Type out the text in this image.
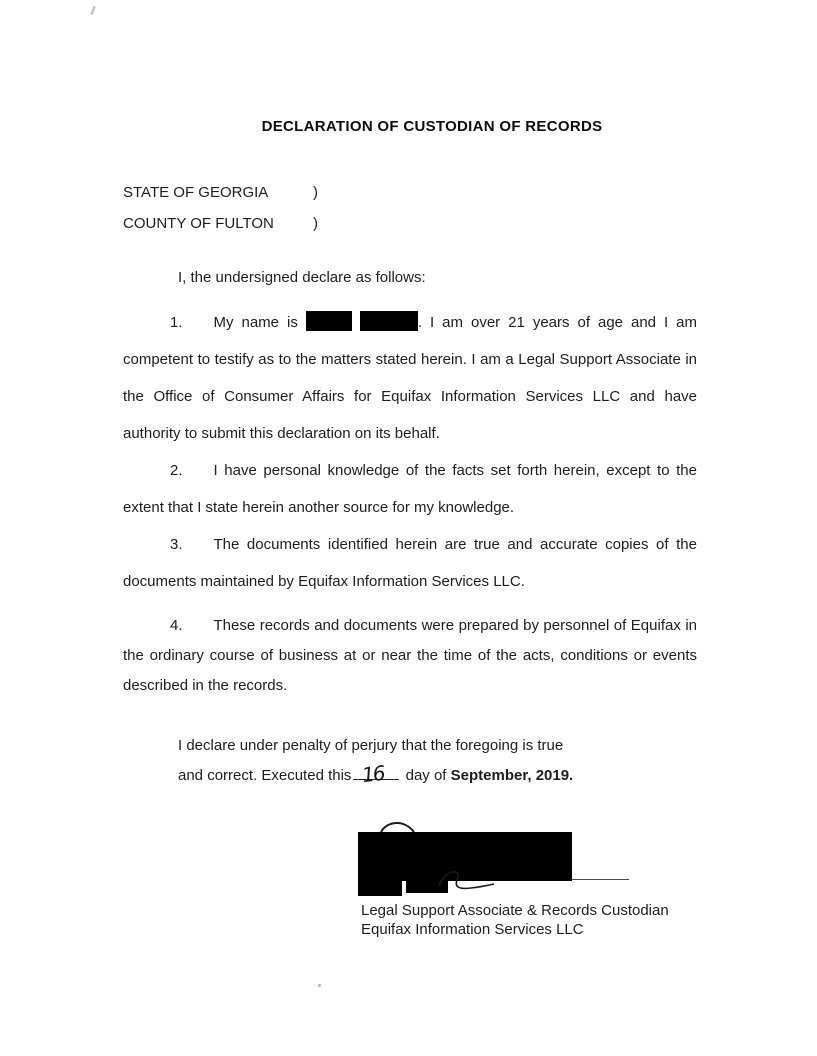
DECLARATION OF CUSTODIAN OF RECORDS
STATE OF GEORGIA	)
COUNTY OF FULTON	)
I, the undersigned declare as follows:

1. My name is	. I am over 21 years of age and I am competent to testify as to the matters stated herein. I am a Legal Support Associate in the Office of Consumer Affairs for Equifax Information Services LLC and have authority to submit this declaration on its behalf.

2. I have personal knowledge of the facts set forth herein, except to the extent that I state herein another source for my knowledge.

3. The documents identified herein are true and accurate copies of the documents maintained by Equifax Information Services LLC.

4. These records and documents were prepared by personnel of Equifax in the ordinary course of business at or near the time of the acts, conditions or events described in the records.

I declare under penalty of perjury that the foregoing is true
and correct. Executed this 16 day of September, 2019.
Legal Support Associate & Records Custodian
Equifax Information Services LLC
